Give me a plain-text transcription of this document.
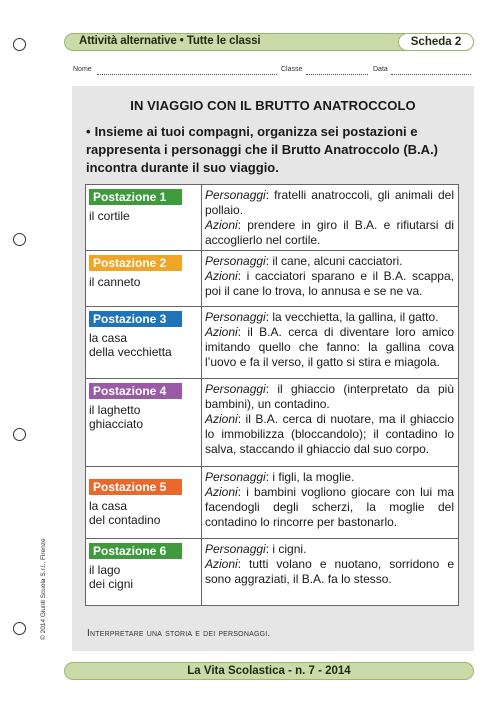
Attività alternative • Tutte le classi	Scheda 2
Nome	Classe	Data
IN VIAGGIO CON IL BRUTTO ANATROCCOLO
• Insieme ai tuoi compagni, organizza sei postazioni e rappresenta i personaggi che il Brutto Anatroccolo (B.A.) incontra durante il suo viaggio.
Postazione 1
il cortile
Personaggi: fratelli anatroccoli, gli animali del pollaio.
Azioni: prendere in giro il B.A. e rifiutarsi di accoglierlo nel cortile.
Postazione 2
il canneto
Personaggi: il cane, alcuni cacciatori.
Azioni: i cacciatori sparano e il B.A. scappa, poi il cane lo trova, lo annusa e se ne va.
Postazione 3
la casa
della vecchietta
Personaggi: la vecchietta, la gallina, il gatto.
Azioni: il B.A. cerca di diventare loro amico imitando quello che fanno: la gallina cova l’uovo e fa il verso, il gatto si stira e miagola.
Postazione 4
il laghetto
ghiacciato
Personaggi: il ghiaccio (interpretato da più bambini), un contadino.
Azioni: il B.A. cerca di nuotare, ma il ghiaccio lo immobilizza (bloccandolo); il contadino lo salva, staccando il ghiaccio dal suo corpo.
Postazione 5
la casa
del contadino
Personaggi: i figli, la moglie.
Azioni: i bambini vogliono giocare con lui ma facendogli degli scherzi, la moglie del contadino lo rincorre per bastonarlo.
Postazione 6
il lago
dei cigni
Personaggi: i cigni.
Azioni: tutti volano e nuotano, sorridono e sono aggraziati, il B.A. fa lo stesso.
Interpretare una storia e dei personaggi.
© 2014 Giunti Scuola S.r.l., Firenze
La Vita Scolastica - n. 7 - 2014
